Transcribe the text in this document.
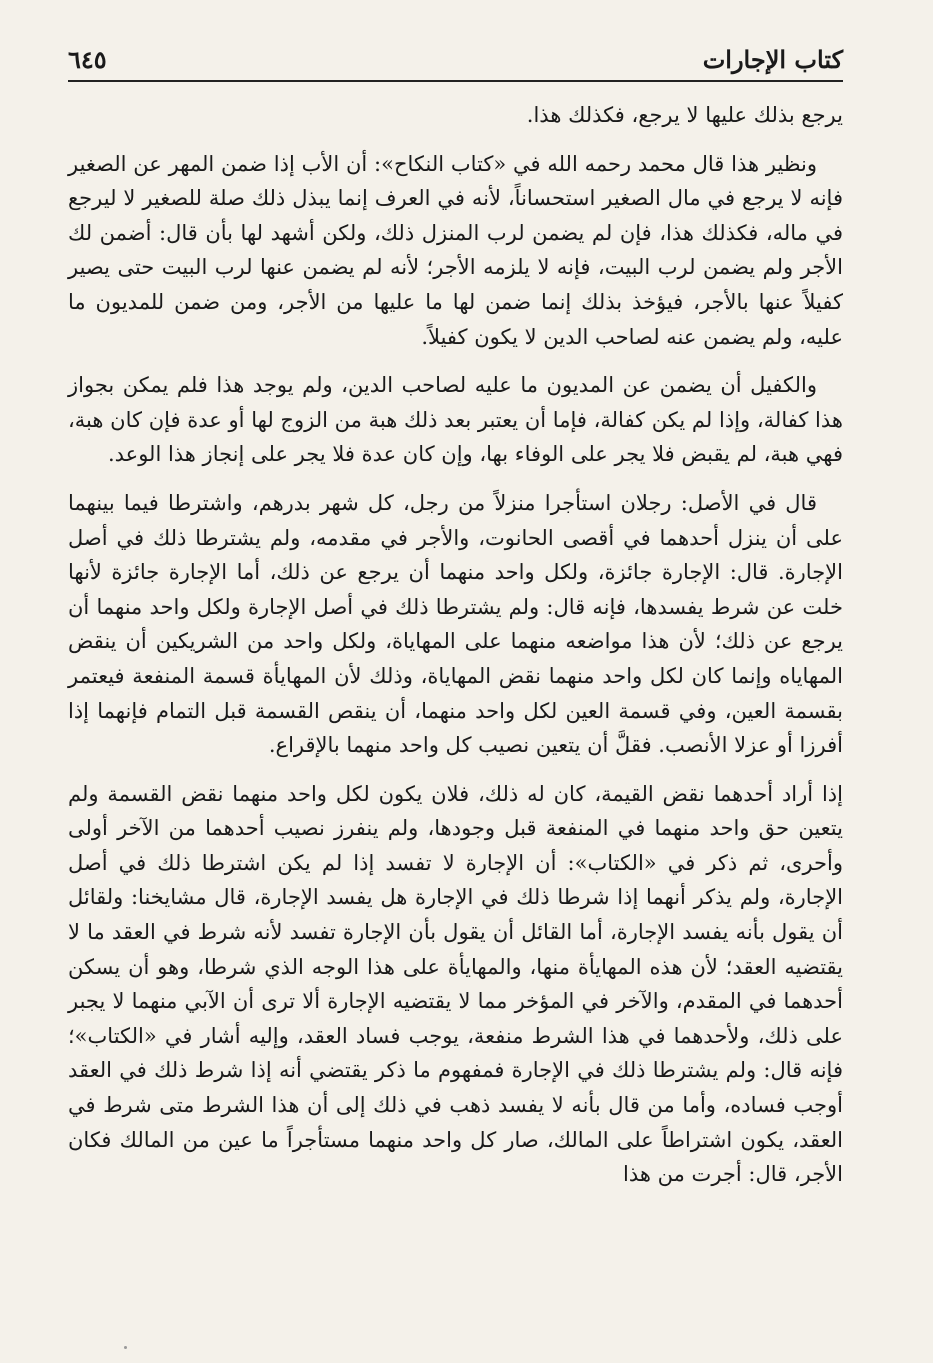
كتاب الإجارات
٦٤٥

يرجع بذلك عليها لا يرجع، فكذلك هذا.

ونظير هذا قال محمد رحمه الله في «كتاب النكاح»: أن الأب إذا ضمن المهر عن الصغير فإنه لا يرجع في مال الصغير استحساناً، لأنه في العرف إنما يبذل ذلك صلة للصغير لا ليرجع في ماله، فكذلك هذا، فإن لم يضمن لرب المنزل ذلك، ولكن أشهد لها بأن قال: أضمن لك الأجر ولم يضمن لرب البيت، فإنه لا يلزمه الأجر؛ لأنه لم يضمن عنها لرب البيت حتى يصير كفيلاً عنها بالأجر، فيؤخذ بذلك إنما ضمن لها ما عليها من الأجر، ومن ضمن للمديون ما عليه، ولم يضمن عنه لصاحب الدين لا يكون كفيلاً.

والكفيل أن يضمن عن المديون ما عليه لصاحب الدين، ولم يوجد هذا فلم يمكن بجواز هذا كفالة، وإذا لم يكن كفالة، فإما أن يعتبر بعد ذلك هبة من الزوج لها أو عدة فإن كان هبة، فهي هبة، لم يقبض فلا يجر على الوفاء بها، وإن كان عدة فلا يجر على إنجاز هذا الوعد.

قال في الأصل: رجلان استأجرا منزلاً من رجل، كل شهر بدرهم، واشترطا فيما بينهما على أن ينزل أحدهما في أقصى الحانوت، والأجر في مقدمه، ولم يشترطا ذلك في أصل الإجارة. قال: الإجارة جائزة، ولكل واحد منهما أن يرجع عن ذلك، أما الإجارة جائزة لأنها خلت عن شرط يفسدها، فإنه قال: ولم يشترطا ذلك في أصل الإجارة ولكل واحد منهما أن يرجع عن ذلك؛ لأن هذا مواضعه منهما على المهاياة، ولكل واحد من الشريكين أن ينقض المهاياه وإنما كان لكل واحد منهما نقض المهاياة، وذلك لأن المهايأة قسمة المنفعة فيعتمر بقسمة العين، وفي قسمة العين لكل واحد منهما، أن ينقص القسمة قبل التمام فإنهما إذا أفرزا أو عزلا الأنصب. فقلَّ أن يتعين نصيب كل واحد منهما بالإقراع.

إذا أراد أحدهما نقض القيمة، كان له ذلك، فلان يكون لكل واحد منهما نقض القسمة ولم يتعين حق واحد منهما في المنفعة قبل وجودها، ولم ينفرز نصيب أحدهما من الآخر أولى وأحرى، ثم ذكر في «الكتاب»: أن الإجارة لا تفسد إذا لم يكن اشترطا ذلك في أصل الإجارة، ولم يذكر أنهما إذا شرطا ذلك في الإجارة هل يفسد الإجارة، قال مشايخنا: ولقائل أن يقول بأنه يفسد الإجارة، أما القائل أن يقول بأن الإجارة تفسد لأنه شرط في العقد ما لا يقتضيه العقد؛ لأن هذه المهايأة منها، والمهايأة على هذا الوجه الذي شرطا، وهو أن يسكن أحدهما في المقدم، والآخر في المؤخر مما لا يقتضيه الإجارة ألا ترى أن الآبي منهما لا يجبر على ذلك، ولأحدهما في هذا الشرط منفعة، يوجب فساد العقد، وإليه أشار في «الكتاب»؛ فإنه قال: ولم يشترطا ذلك في الإجارة فمفهوم ما ذكر يقتضي أنه إذا شرط ذلك في العقد أوجب فساده، وأما من قال بأنه لا يفسد ذهب في ذلك إلى أن هذا الشرط متى شرط في العقد، يكون اشتراطاً على المالك، صار كل واحد منهما مستأجراً ما عين من المالك فكان الأجر، قال: أجرت من هذا
